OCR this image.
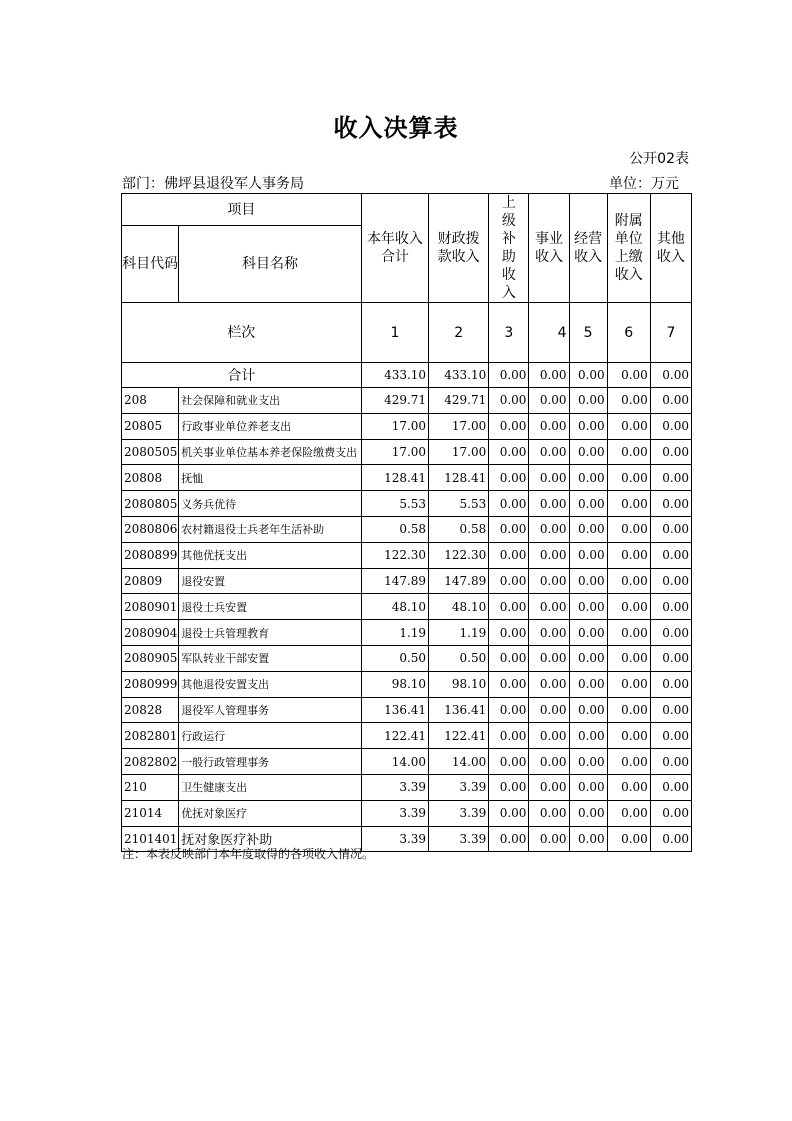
收入决算表
公开02表
部门：佛坪县退役军人事务局	单位：万元
项目		本年收入合计	财政拨款收入	上级补助收入	事业收入	经营收入	附属单位上缴收入	其他收入
科目代码	科目名称							
栏次		1	2	3	4	5	6	7
合计		433.10	433.10	0.00	0.00	0.00	0.00	0.00
208	社会保障和就业支出	429.71	429.71	0.00	0.00	0.00	0.00	0.00
20805	行政事业单位养老支出	17.00	17.00	0.00	0.00	0.00	0.00	0.00
2080505	机关事业单位基本养老保险缴费支出	17.00	17.00	0.00	0.00	0.00	0.00	0.00
20808	抚恤	128.41	128.41	0.00	0.00	0.00	0.00	0.00
2080805	义务兵优待	5.53	5.53	0.00	0.00	0.00	0.00	0.00
2080806	农村籍退役士兵老年生活补助	0.58	0.58	0.00	0.00	0.00	0.00	0.00
2080899	其他优抚支出	122.30	122.30	0.00	0.00	0.00	0.00	0.00
20809	退役安置	147.89	147.89	0.00	0.00	0.00	0.00	0.00
2080901	退役士兵安置	48.10	48.10	0.00	0.00	0.00	0.00	0.00
2080904	退役士兵管理教育	1.19	1.19	0.00	0.00	0.00	0.00	0.00
2080905	军队转业干部安置	0.50	0.50	0.00	0.00	0.00	0.00	0.00
2080999	其他退役安置支出	98.10	98.10	0.00	0.00	0.00	0.00	0.00
20828	退役军人管理事务	136.41	136.41	0.00	0.00	0.00	0.00	0.00
2082801	行政运行	122.41	122.41	0.00	0.00	0.00	0.00	0.00
2082802	一般行政管理事务	14.00	14.00	0.00	0.00	0.00	0.00	0.00
210	卫生健康支出	3.39	3.39	0.00	0.00	0.00	0.00	0.00
21014	优抚对象医疗	3.39	3.39	0.00	0.00	0.00	0.00	0.00
2101401	抚对象医疗补助	3.39	3.39	0.00	0.00	0.00	0.00	0.00
注：本表反映部门本年度取得的各项收入情况。
